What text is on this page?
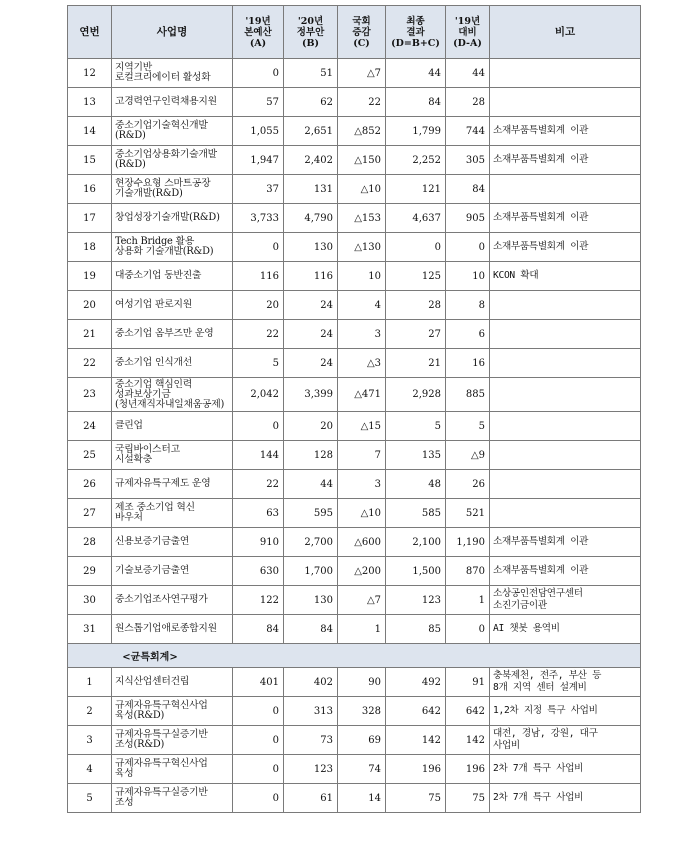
연번	사업명	'19년
본예산
(A)	'20년
정부안
(B)	국회
증감
(C)	최종
결과
(D=B+C)	'19년
대비
(D-A)	비고
12	지역기반
로컬크리에이터 활성화	0	51	△7	44	44	
13	고경력연구인력채용지원	57	62	22	84	28	
14	중소기업기술혁신개발
(R&D)	1,055	2,651	△852	1,799	744	소재부품특별회계 이관

15	중소기업상용화기술개발
(R&D)	1,947	2,402	△150	2,252	305	소재부품특별회계 이관

16	현장수요형 스마트공장
기술개발(R&D)	37	131	△10	121	84	
17	창업성장기술개발(R&D)	3,733	4,790	△153	4,637	905	소재부품특별회계 이관

18	Tech Bridge 활용
상용화 기술개발(R&D)	0	130	△130	0	0	소재부품특별회계 이관

19	대중소기업 동반진출	116	116	10	125	10	KCON 확대

20	여성기업 판로지원	20	24	4	28	8	
21	중소기업 옴부즈만 운영	22	24	3	27	6	
22	중소기업 인식개선	5	24	△3	21	16	
23	중소기업 핵심인력
성과보상기금
(청년재직자내일채움공제)	2,042	3,399	△471	2,928	885	
24	클린업	0	20	△15	5	5	
25	국립바이스터고
시설확충	144	128	7	135	△9	
26	규제자유특구제도 운영	22	44	3	48	26	
27	제조 중소기업 혁신
바우처	63	595	△10	585	521	
28	신용보증기금출연	910	2,700	△600	2,100	1,190	소재부품특별회계 이관

29	기술보증기금출연	630	1,700	△200	1,500	870	소재부품특별회계 이관

30	중소기업조사연구평가	122	130	△7	123	1	소상공인전담연구센터
소진기금이관

31	원스톱기업애로종합지원	84	84	1	85	0	AI 챗봇 용역비

<균특회계>							
1	지식산업센터건립	401	402	90	492	91	충북제천, 전주, 부산 등
8개 지역 센터 설계비

2	규제자유특구혁신사업
육성(R&D)	0	313	328	642	642	1,2차 지정 특구 사업비

3	규제자유특구실증기반
조성(R&D)	0	73	69	142	142	대전, 경남, 강원, 대구
사업비

4	규제자유특구혁신사업
육성	0	123	74	196	196	2차 7개 특구 사업비

5	규제자유특구실증기반
조성	0	61	14	75	75	2차 7개 특구 사업비
